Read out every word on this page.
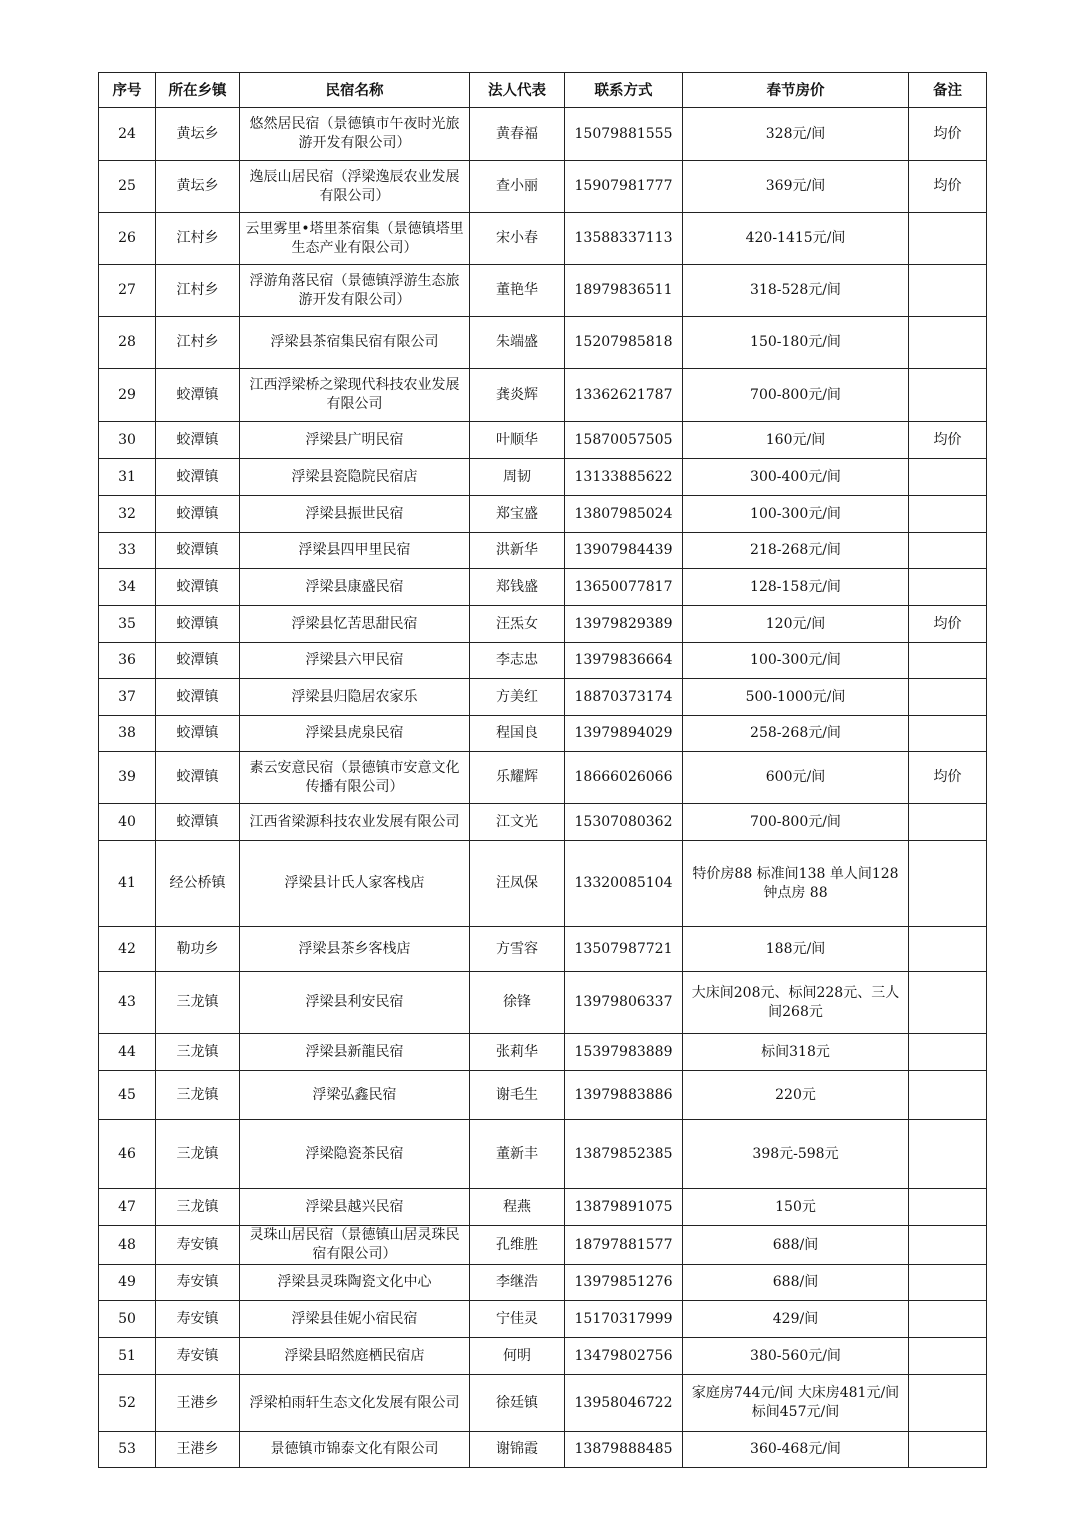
序号	所在乡镇	民宿名称	法人代表	联系方式	春节房价	备注
24	黄坛乡	悠然居民宿（景德镇市午夜时光旅游开发有限公司）	黄春福	15079881555	328元/间	均价
25	黄坛乡	逸辰山居民宿（浮梁逸辰农业发展有限公司）	查小丽	15907981777	369元/间	均价
26	江村乡	云里雾里•塔里茶宿集（景德镇塔里生态产业有限公司）	宋小春	13588337113	420-1415元/间	
27	江村乡	浮游角落民宿（景德镇浮游生态旅游开发有限公司）	董艳华	18979836511	318-528元/间	
28	江村乡	浮梁县茶宿集民宿有限公司	朱端盛	15207985818	150-180元/间	
29	蛟潭镇	江西浮梁桥之梁现代科技农业发展有限公司	龚炎辉	13362621787	700-800元/间	
30	蛟潭镇	浮梁县广明民宿	叶顺华	15870057505	160元/间	均价
31	蛟潭镇	浮梁县瓷隐院民宿店	周韧	13133885622	300-400元/间	
32	蛟潭镇	浮梁县振世民宿	郑宝盛	13807985024	100-300元/间	
33	蛟潭镇	浮梁县四甲里民宿	洪新华	13907984439	218-268元/间	
34	蛟潭镇	浮梁县康盛民宿	郑钱盛	13650077817	128-158元/间	
35	蛟潭镇	浮梁县忆苦思甜民宿	汪炁女	13979829389	120元/间	均价
36	蛟潭镇	浮梁县六甲民宿	李志忠	13979836664	100-300元/间	
37	蛟潭镇	浮梁县归隐居农家乐	方美红	18870373174	500-1000元/间	
38	蛟潭镇	浮梁县虎泉民宿	程国良	13979894029	258-268元/间	
39	蛟潭镇	素云安意民宿（景德镇市安意文化传播有限公司）	乐耀辉	18666026066	600元/间	均价
40	蛟潭镇	江西省梁源科技农业发展有限公司	江文光	15307080362	700-800元/间	
41	经公桥镇	浮梁县计氏人家客栈店	汪凤保	13320085104	特价房88 标准间138 单人间128 钟点房 88	
42	勒功乡	浮梁县茶乡客栈店	方雪容	13507987721	188元/间	
43	三龙镇	浮梁县利安民宿	徐锋	13979806337	大床间208元、标间228元、三人间268元	
44	三龙镇	浮梁县新龍民宿	张莉华	15397983889	标间318元	
45	三龙镇	浮梁弘鑫民宿	谢毛生	13979883886	220元	
46	三龙镇	浮梁隐瓷茶民宿	董新丰	13879852385	398元-598元	
47	三龙镇	浮梁县越兴民宿	程燕	13879891075	150元	
48	寿安镇	灵珠山居民宿（景德镇山居灵珠民宿有限公司）	孔维胜	18797881577	688/间	
49	寿安镇	浮梁县灵珠陶瓷文化中心	李继浩	13979851276	688/间	
50	寿安镇	浮梁县佳妮小宿民宿	宁佳灵	15170317999	429/间	
51	寿安镇	浮梁县昭然庭栖民宿店	何明	13479802756	380-560元/间	
52	王港乡	浮梁柏雨轩生态文化发展有限公司	徐廷镇	13958046722	家庭房744元/间 大床房481元/间 标间457元/间	
53	王港乡	景德镇市锦泰文化有限公司	谢锦霞	13879888485	360-468元/间	
